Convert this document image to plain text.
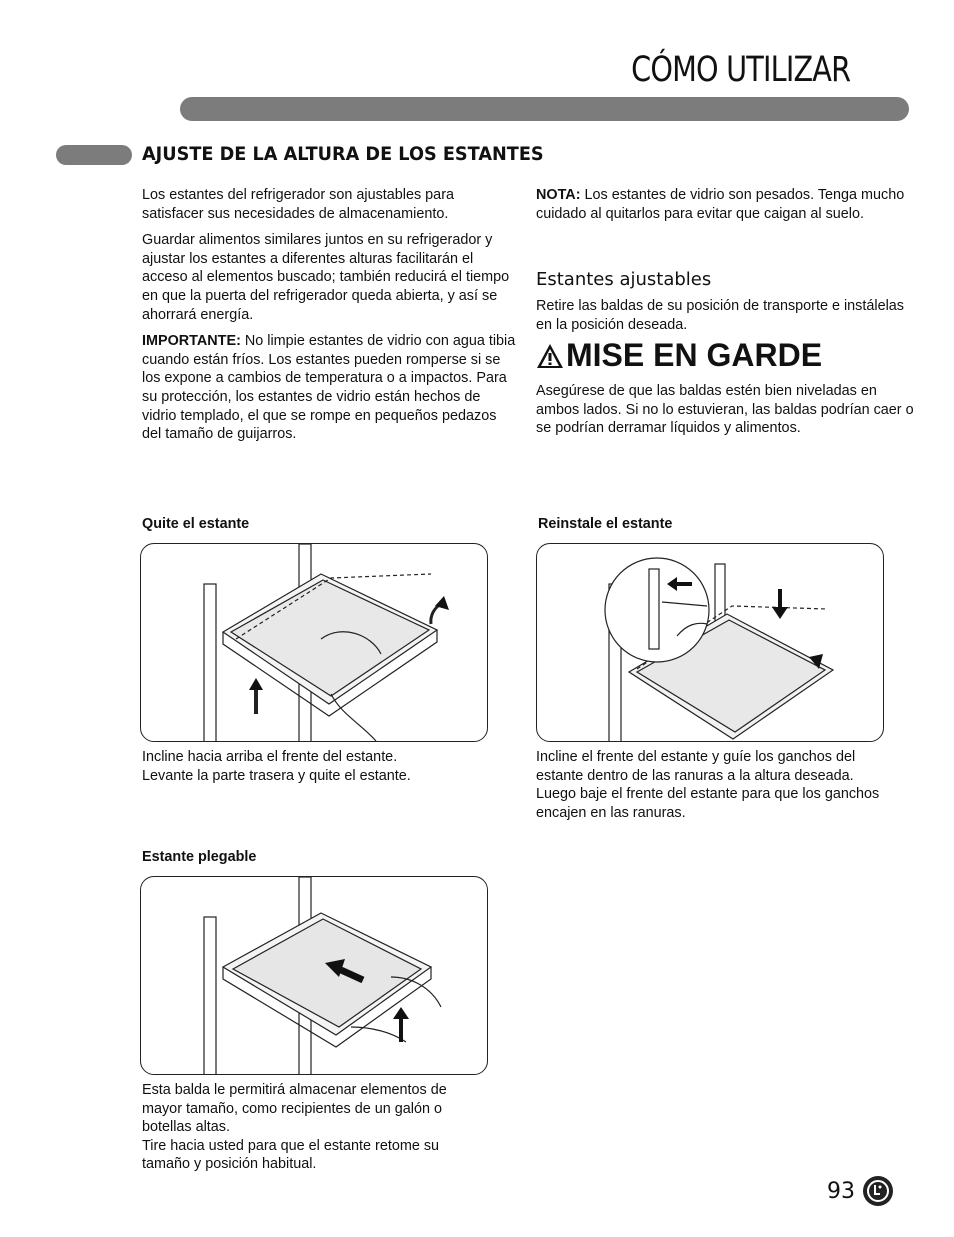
CÓMO UTILIZAR
AJUSTE DE LA ALTURA DE LOS ESTANTES

Los estantes del refrigerador son ajustables para satisfacer sus necesidades de almacenamiento.

Guardar alimentos similares juntos en su refrigerador y ajustar los estantes a diferentes alturas facilitarán el acceso al elementos buscado; también reducirá el tiempo en que la puerta del refrigerador queda abierta, y así se ahorrará energía.

IMPORTANTE: No limpie estantes de vidrio con agua tibia cuando están fríos. Los estantes pueden romperse si se los expone a cambios de temperatura o a impactos. Para su protección, los estantes de vidrio están hechos de vidrio templado, el que se rompe en pequeños pedazos del tamaño de guijarros.

NOTA: Los estantes de vidrio son pesados. Tenga mucho cuidado al quitarlos para evitar que caigan al suelo.

Estantes ajustables
Retire las baldas de su posición de transporte e instálelas en la posición deseada.
MISE EN GARDE
Asegúrese de que las baldas estén bien niveladas en ambos lados. Si no lo estuvieran, las baldas podrían caer o se podrían derramar líquidos y alimentos.
Quite el estante
Incline hacia arriba el frente del estante.
Levante la parte trasera y quite el estante.
Reinstale el estante
Incline el frente del estante y guíe los ganchos del estante dentro de las ranuras a la altura deseada. Luego baje el frente del estante para que los ganchos encajen en las ranuras.
Estante plegable
Esta balda le permitirá almacenar elementos de mayor tamaño, como recipientes de un galón o botellas altas.
Tire hacia usted para que el estante retome su tamaño y posición habitual.
93
